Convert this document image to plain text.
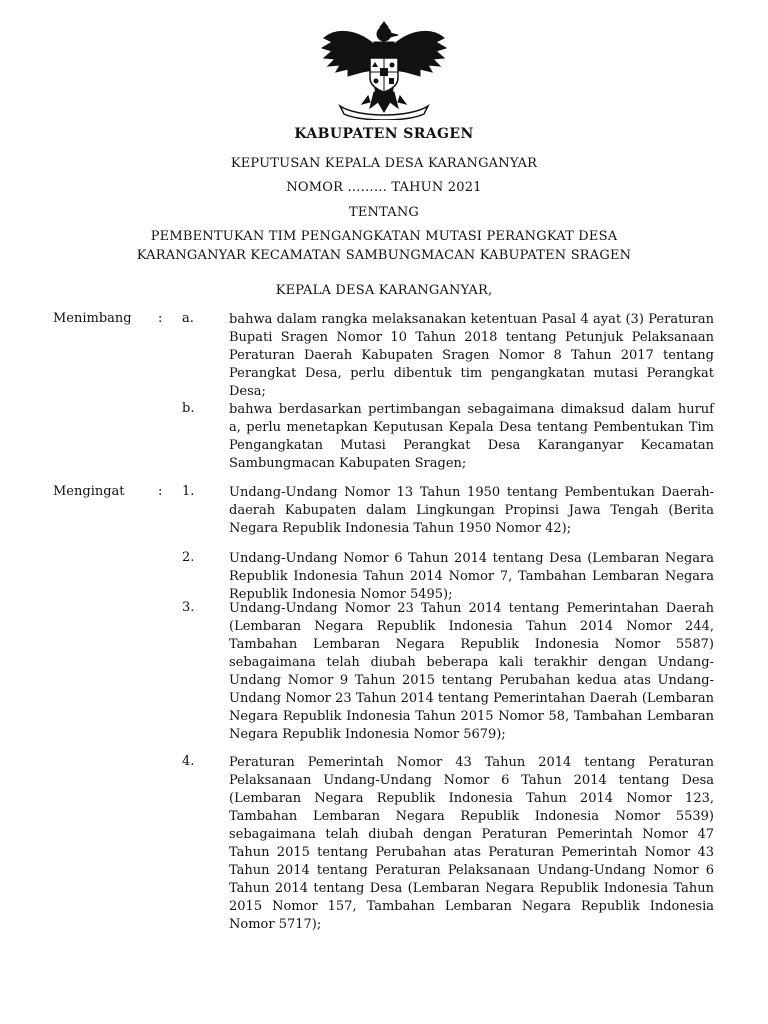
KABUPATEN SRAGEN
KEPUTUSAN KEPALA DESA KARANGANYAR
NOMOR ……… TAHUN 2021
TENTANG
PEMBENTUKAN TIM PENGANGKATAN MUTASI PERANGKAT DESA
KARANGANYAR KECAMATAN SAMBUNGMACAN KABUPATEN SRAGEN
KEPALA DESA KARANGANYAR,
Menimbang : a.	bahwa dalam rangka melaksanakan ketentuan Pasal 4 ayat (3) Peraturan Bupati Sragen Nomor 10 Tahun 2018 tentang Petunjuk Pelaksanaan Peraturan Daerah Kabupaten Sragen Nomor 8 Tahun 2017 tentang Perangkat Desa, perlu dibentuk tim pengangkatan mutasi Perangkat Desa;
b.	bahwa berdasarkan pertimbangan sebagaimana dimaksud dalam huruf a, perlu menetapkan Keputusan Kepala Desa tentang Pembentukan Tim Pengangkatan Mutasi Perangkat Desa Karanganyar Kecamatan Sambungmacan Kabupaten Sragen;
Mengingat	: 1.	Undang-Undang Nomor 13 Tahun 1950 tentang Pembentukan Daerah-daerah Kabupaten dalam Lingkungan Propinsi Jawa Tengah (Berita Negara Republik Indonesia Tahun 1950 Nomor 42);
2.	Undang-Undang Nomor 6 Tahun 2014 tentang Desa (Lembaran Negara Republik Indonesia Tahun 2014 Nomor 7, Tambahan Lembaran Negara Republik Indonesia Nomor 5495);
3.	Undang-Undang Nomor 23 Tahun 2014 tentang Pemerintahan Daerah (Lembaran Negara Republik Indonesia Tahun 2014 Nomor 244, Tambahan Lembaran Negara Republik Indonesia Nomor 5587) sebagaimana telah diubah beberapa kali terakhir dengan Undang-Undang Nomor 9 Tahun 2015 tentang Perubahan kedua atas Undang-Undang Nomor 23 Tahun 2014 tentang Pemerintahan Daerah (Lembaran Negara Republik Indonesia Tahun 2015 Nomor 58, Tambahan Lembaran Negara Republik Indonesia Nomor 5679);
4.	Peraturan Pemerintah Nomor 43 Tahun 2014 tentang Peraturan Pelaksanaan Undang-Undang Nomor 6 Tahun 2014 tentang Desa (Lembaran Negara Republik Indonesia Tahun 2014 Nomor 123, Tambahan Lembaran Negara Republik Indonesia Nomor 5539) sebagaimana telah diubah dengan Peraturan Pemerintah Nomor 47 Tahun 2015 tentang Perubahan atas Peraturan Pemerintah Nomor 43 Tahun 2014 tentang Peraturan Pelaksanaan Undang-Undang Nomor 6 Tahun 2014 tentang Desa (Lembaran Negara Republik Indonesia Tahun 2015 Nomor 157, Tambahan Lembaran Negara Republik Indonesia Nomor 5717);
